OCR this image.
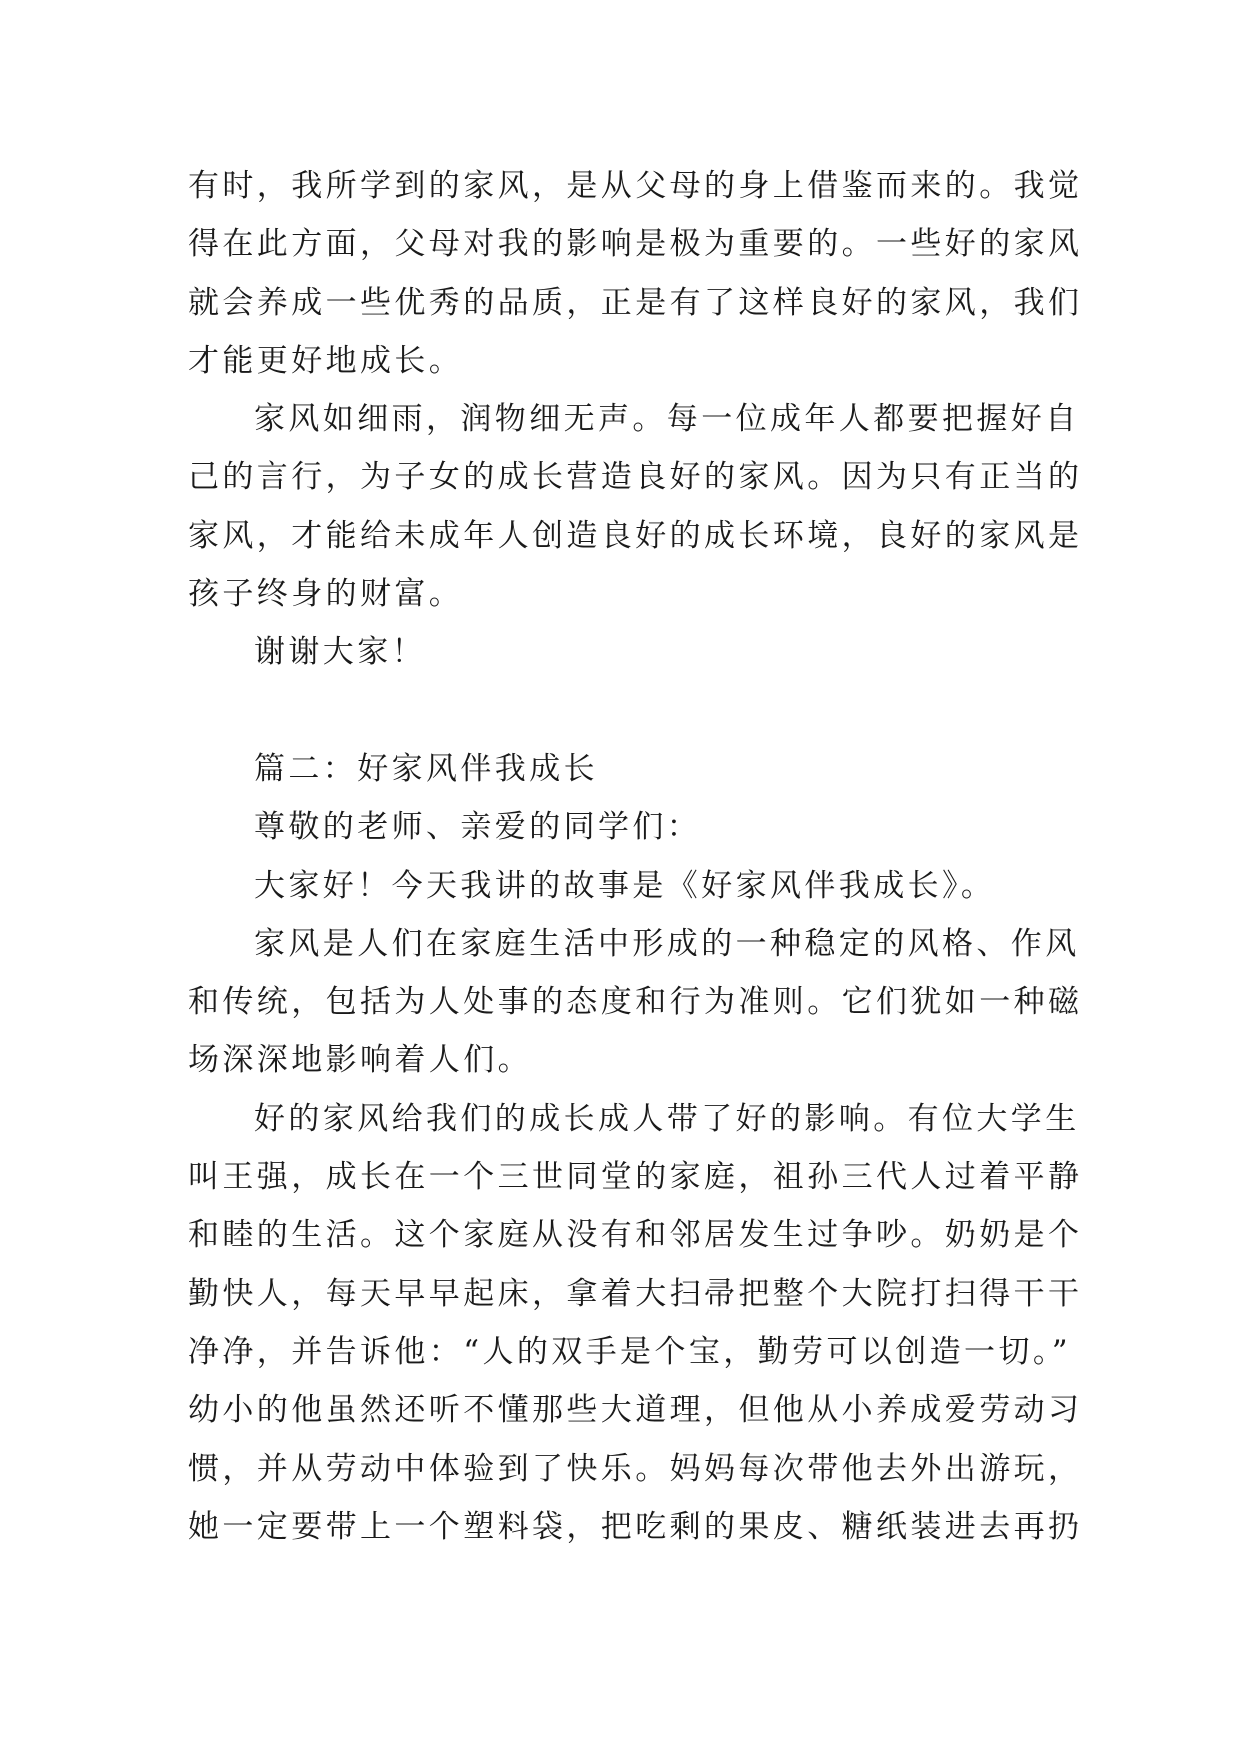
有时，我所学到的家风，是从父母的身上借鉴而来的。我觉
得在此方面，父母对我的影响是极为重要的。一些好的家风
就会养成一些优秀的品质，正是有了这样良好的家风，我们
才能更好地成长。
家风如细雨，润物细无声。每一位成年人都要把握好自
己的言行，为子女的成长营造良好的家风。因为只有正当的
家风，才能给未成年人创造良好的成长环境，良好的家风是
孩子终身的财富。
谢谢大家！
篇二：好家风伴我成长
尊敬的老师、亲爱的同学们：
大家好！今天我讲的故事是《好家风伴我成长》。
家风是人们在家庭生活中形成的一种稳定的风格、作风
和传统，包括为人处事的态度和行为准则。它们犹如一种磁
场深深地影响着人们。
好的家风给我们的成长成人带了好的影响。有位大学生
叫王强，成长在一个三世同堂的家庭，祖孙三代人过着平静
和睦的生活。这个家庭从没有和邻居发生过争吵。奶奶是个
勤快人，每天早早起床，拿着大扫帚把整个大院打扫得干干
净净，并告诉他：“人的双手是个宝，勤劳可以创造一切。”
幼小的他虽然还听不懂那些大道理，但他从小养成爱劳动习
惯，并从劳动中体验到了快乐。妈妈每次带他去外出游玩，
她一定要带上一个塑料袋，把吃剩的果皮、糖纸装进去再扔
